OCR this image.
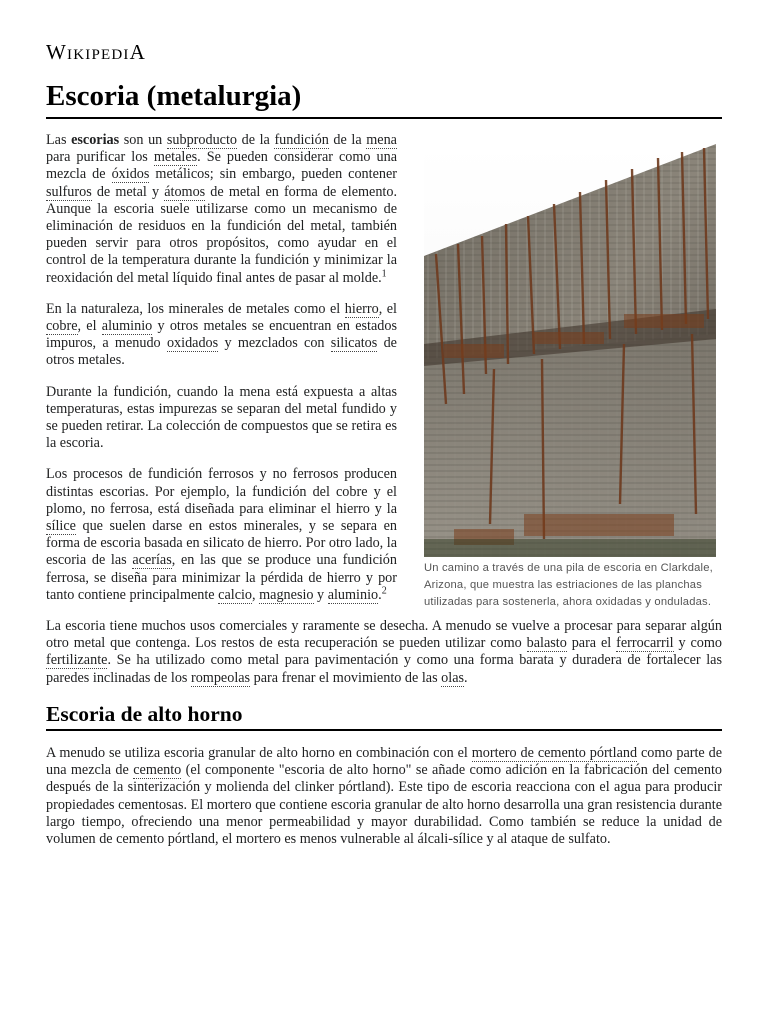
WIKIPEDIA
Escoria (metalurgia)
Un camino a través de una pila de escoria en Clarkdale, Arizona, que muestra las estriaciones de las planchas utilizadas para sostenerla, ahora oxidadas y onduladas.

Las escorias son un subproducto de la fundición de la mena para purificar los metales. Se pueden considerar como una mezcla de óxidos metálicos; sin embargo, pueden contener sulfuros de metal y átomos de metal en forma de elemento. Aunque la escoria suele utilizarse como un mecanismo de eliminación de residuos en la fundición del metal, también pueden servir para otros propósitos, como ayudar en el control de la temperatura durante la fundición y minimizar la reoxidación del metal líquido final antes de pasar al molde.$^1$

En la naturaleza, los minerales de metales como el hierro, el cobre, el aluminio y otros metales se encuentran en estados impuros, a menudo oxidados y mezclados con silicatos de otros metales.

Durante la fundición, cuando la mena está expuesta a altas temperaturas, estas impurezas se separan del metal fundido y se pueden retirar. La colección de compuestos que se retira es la escoria.

Los procesos de fundición ferrosos y no ferrosos producen distintas escorias. Por ejemplo, la fundición del cobre y el plomo, no ferrosa, está diseñada para eliminar el hierro y la sílice que suelen darse en estos minerales, y se separa en forma de escoria basada en silicato de hierro. Por otro lado, la escoria de las acerías, en las que se produce una fundición ferrosa, se diseña para minimizar la pérdida de hierro y por tanto contiene principalmente calcio, magnesio y aluminio.$^2$

La escoria tiene muchos usos comerciales y raramente se desecha. A menudo se vuelve a procesar para separar algún otro metal que contenga. Los restos de esta recuperación se pueden utilizar como balasto para el ferrocarril y como fertilizante. Se ha utilizado como metal para pavimentación y como una forma barata y duradera de fortalecer las paredes inclinadas de los rompeolas para frenar el movimiento de las olas.

Escoria de alto horno

A menudo se utiliza escoria granular de alto horno en combinación con el mortero de cemento pórtland como parte de una mezcla de cemento (el componente "escoria de alto horno" se añade como adición en la fabricación del cemento después de la sinterización y molienda del clinker pórtland). Este tipo de escoria reacciona con el agua para producir propiedades cementosas. El mortero que contiene escoria granular de alto horno desarrolla una gran resistencia durante largo tiempo, ofreciendo una menor permeabilidad y mayor durabilidad. Como también se reduce la unidad de volumen de cemento pórtland, el mortero es menos vulnerable al álcali-sílice y al ataque de sulfato.
